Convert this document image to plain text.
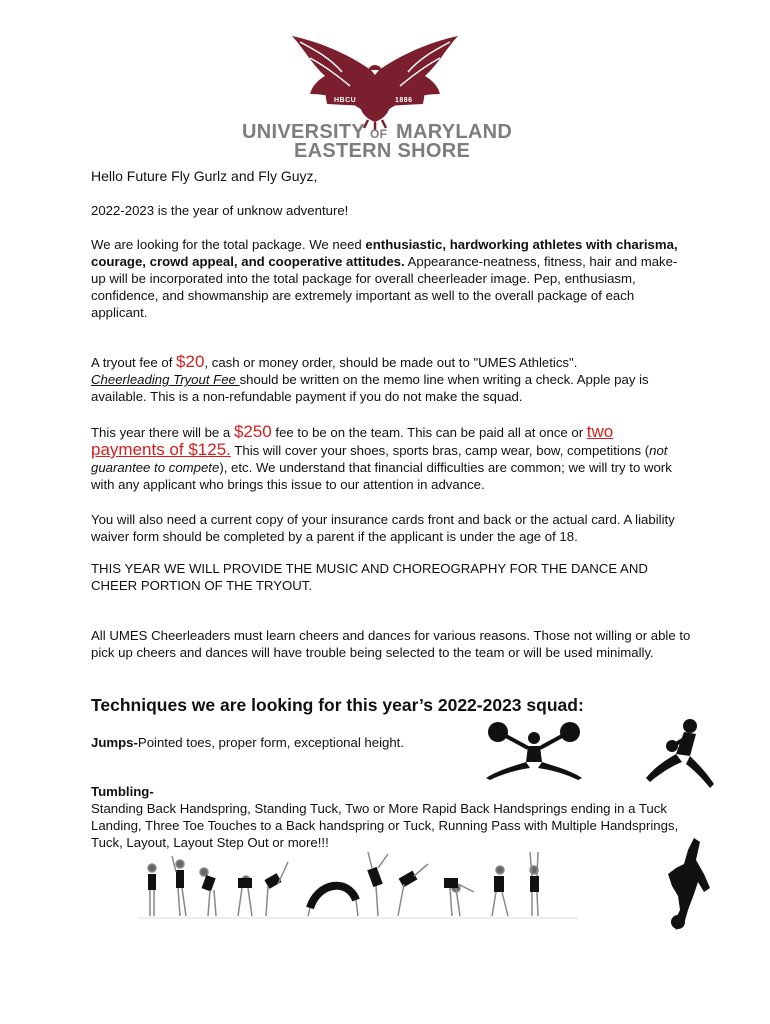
HBCU	1886
UNIVERSITY OF MARYLAND
EASTERN SHORE
Hello Future Fly Gurlz and Fly Guyz,
2022-2023 is the year of unknow adventure!
We are looking for the total package. We need enthusiastic, hardworking athletes with charisma, courage, crowd appeal, and cooperative attitudes. Appearance-neatness, fitness, hair and make-up will be incorporated into the total package for overall cheerleader image. Pep, enthusiasm, confidence, and showmanship are extremely important as well to the overall package of each applicant.
A tryout fee of $20, cash or money order, should be made out to "UMES Athletics".
Cheerleading Tryout Fee should be written on the memo line when writing a check. Apple pay is available. This is a non-refundable payment if you do not make the squad.
This year there will be a $250 fee to be on the team. This can be paid all at once or two payments of $125. This will cover your shoes, sports bras, camp wear, bow, competitions (not guarantee to compete), etc. We understand that financial difficulties are common; we will try to work with any applicant who brings this issue to our attention in advance.
You will also need a current copy of your insurance cards front and back or the actual card. A liability waiver form should be completed by a parent if the applicant is under the age of 18.
THIS YEAR WE WILL PROVIDE THE MUSIC AND CHOREOGRAPHY FOR THE DANCE AND CHEER PORTION OF THE TRYOUT.
All UMES Cheerleaders must learn cheers and dances for various reasons. Those not willing or able to pick up cheers and dances will have trouble being selected to the team or will be used minimally.
Techniques we are looking for this year’s 2022-2023 squad:
Jumps-Pointed toes, proper form, exceptional height.
Tumbling-
Standing Back Handspring, Standing Tuck, Two or More Rapid Back Handsprings ending in a Tuck Landing, Three Toe Touches to a Back handspring or Tuck, Running Pass with Multiple Handsprings, Tuck, Layout, Layout Step Out or more!!!
